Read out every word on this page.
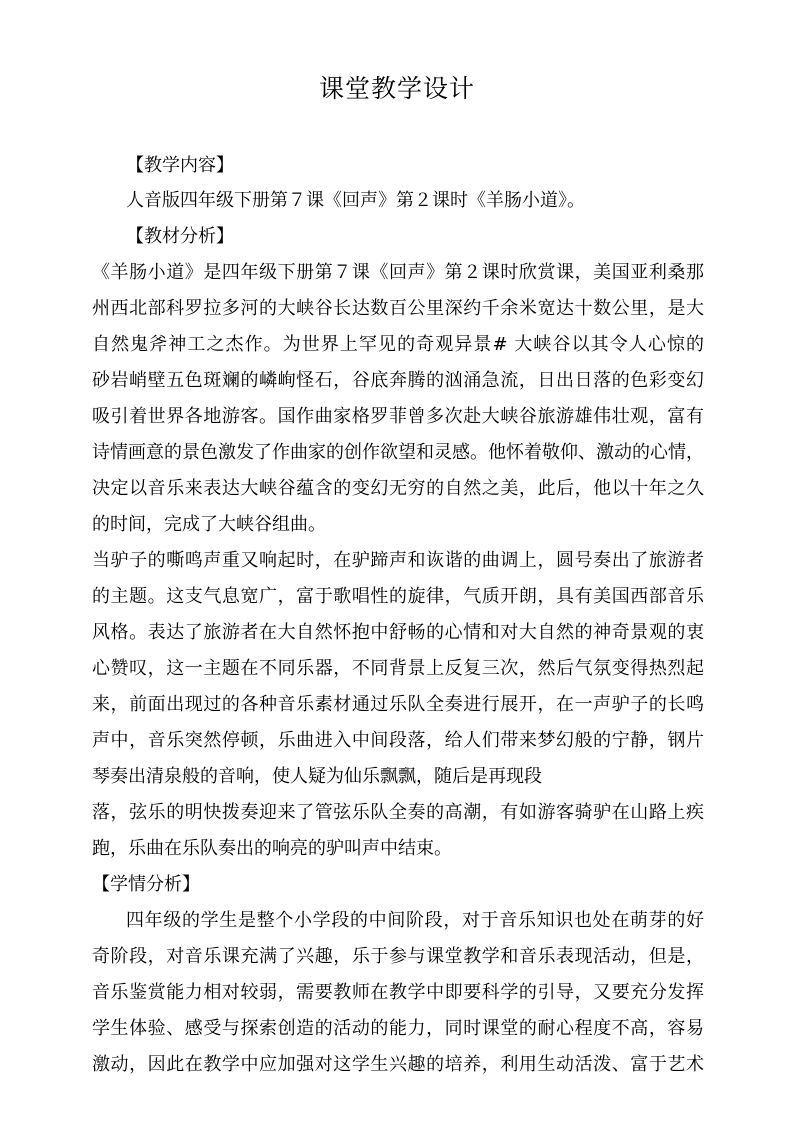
课堂教学设计
【教学内容】
人音版四年级下册第７课《回声》第２课时《羊肠小道》。
【教材分析】
《羊肠小道》是四年级下册第７课《回声》第２课时欣赏课，美国亚利桑那
州西北部科罗拉多河的大峡谷长达数百公里深约千余米宽达十数公里，是大
自然鬼斧神工之杰作。为世界上罕见的奇观异景# 大峡谷以其令人心惊的
砂岩峭壁五色斑斓的嶙峋怪石，谷底奔腾的汹涌急流，日出日落的色彩变幻
吸引着世界各地游客。国作曲家格罗菲曾多次赴大峡谷旅游雄伟壮观，富有
诗情画意的景色激发了作曲家的创作欲望和灵感。他怀着敬仰、激动的心情，
决定以音乐来表达大峡谷蕴含的变幻无穷的自然之美，此后，他以十年之久
的时间，完成了大峡谷组曲。
当驴子的嘶鸣声重又响起时，在驴蹄声和诙谐的曲调上，圆号奏出了旅游者
的主题。这支气息宽广，富于歌唱性的旋律，气质开朗，具有美国西部音乐
风格。表达了旅游者在大自然怀抱中舒畅的心情和对大自然的神奇景观的衷
心赞叹，这一主题在不同乐器，不同背景上反复三次，然后气氛变得热烈起
来，前面出现过的各种音乐素材通过乐队全奏进行展开，在一声驴子的长鸣
声中，音乐突然停顿，乐曲进入中间段落，给人们带来梦幻般的宁静，钢片
琴奏出清泉般的音响，使人疑为仙乐飘飘，随后是再现段
落，弦乐的明快拨奏迎来了管弦乐队全奏的高潮，有如游客骑驴在山路上疾
跑，乐曲在乐队奏出的响亮的驴叫声中结束。
【学情分析】
四年级的学生是整个小学段的中间阶段，对于音乐知识也处在萌芽的好
奇阶段，对音乐课充满了兴趣，乐于参与课堂教学和音乐表现活动，但是，
音乐鉴赏能力相对较弱，需要教师在教学中即要科学的引导，又要充分发挥
学生体验、感受与探索创造的活动的能力，同时课堂的耐心程度不高，容易
激动，因此在教学中应加强对这学生兴趣的培养，利用生动活泼、富于艺术
